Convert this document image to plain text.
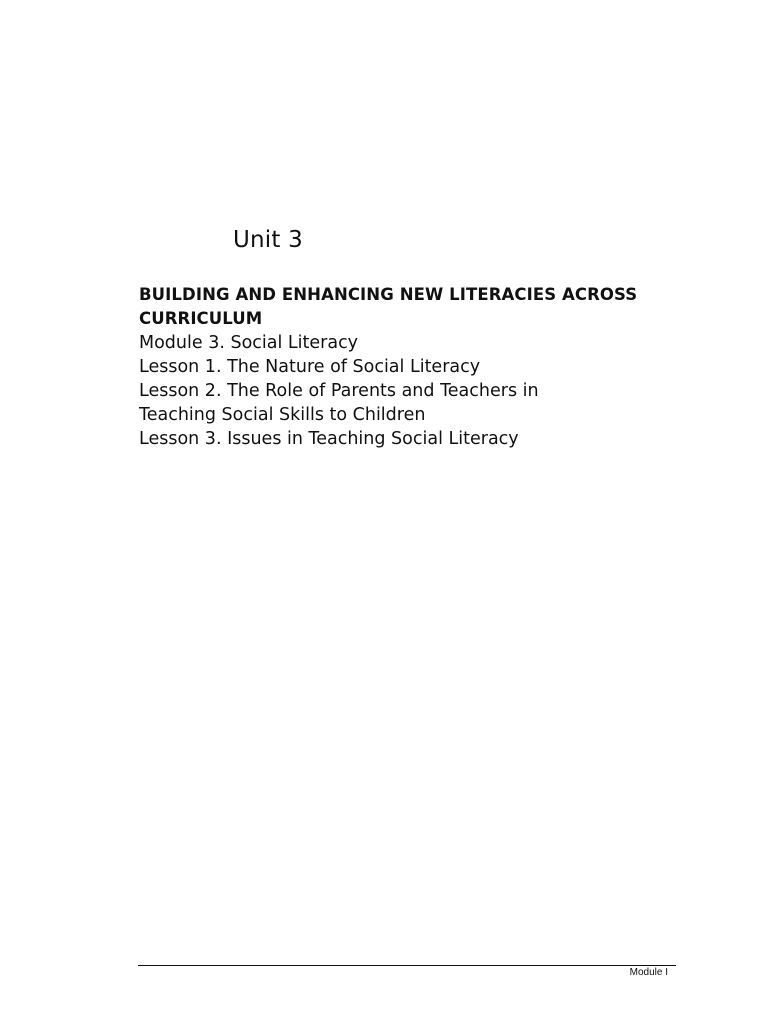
Unit 3

BUILDING AND ENHANCING NEW LITERACIES ACROSS

CURRICULUM

Module 3. Social Literacy

Lesson 1. The Nature of Social Literacy

Lesson 2. The Role of Parents and Teachers in

Teaching Social Skills to Children

Lesson 3. Issues in Teaching Social Literacy

Module I
